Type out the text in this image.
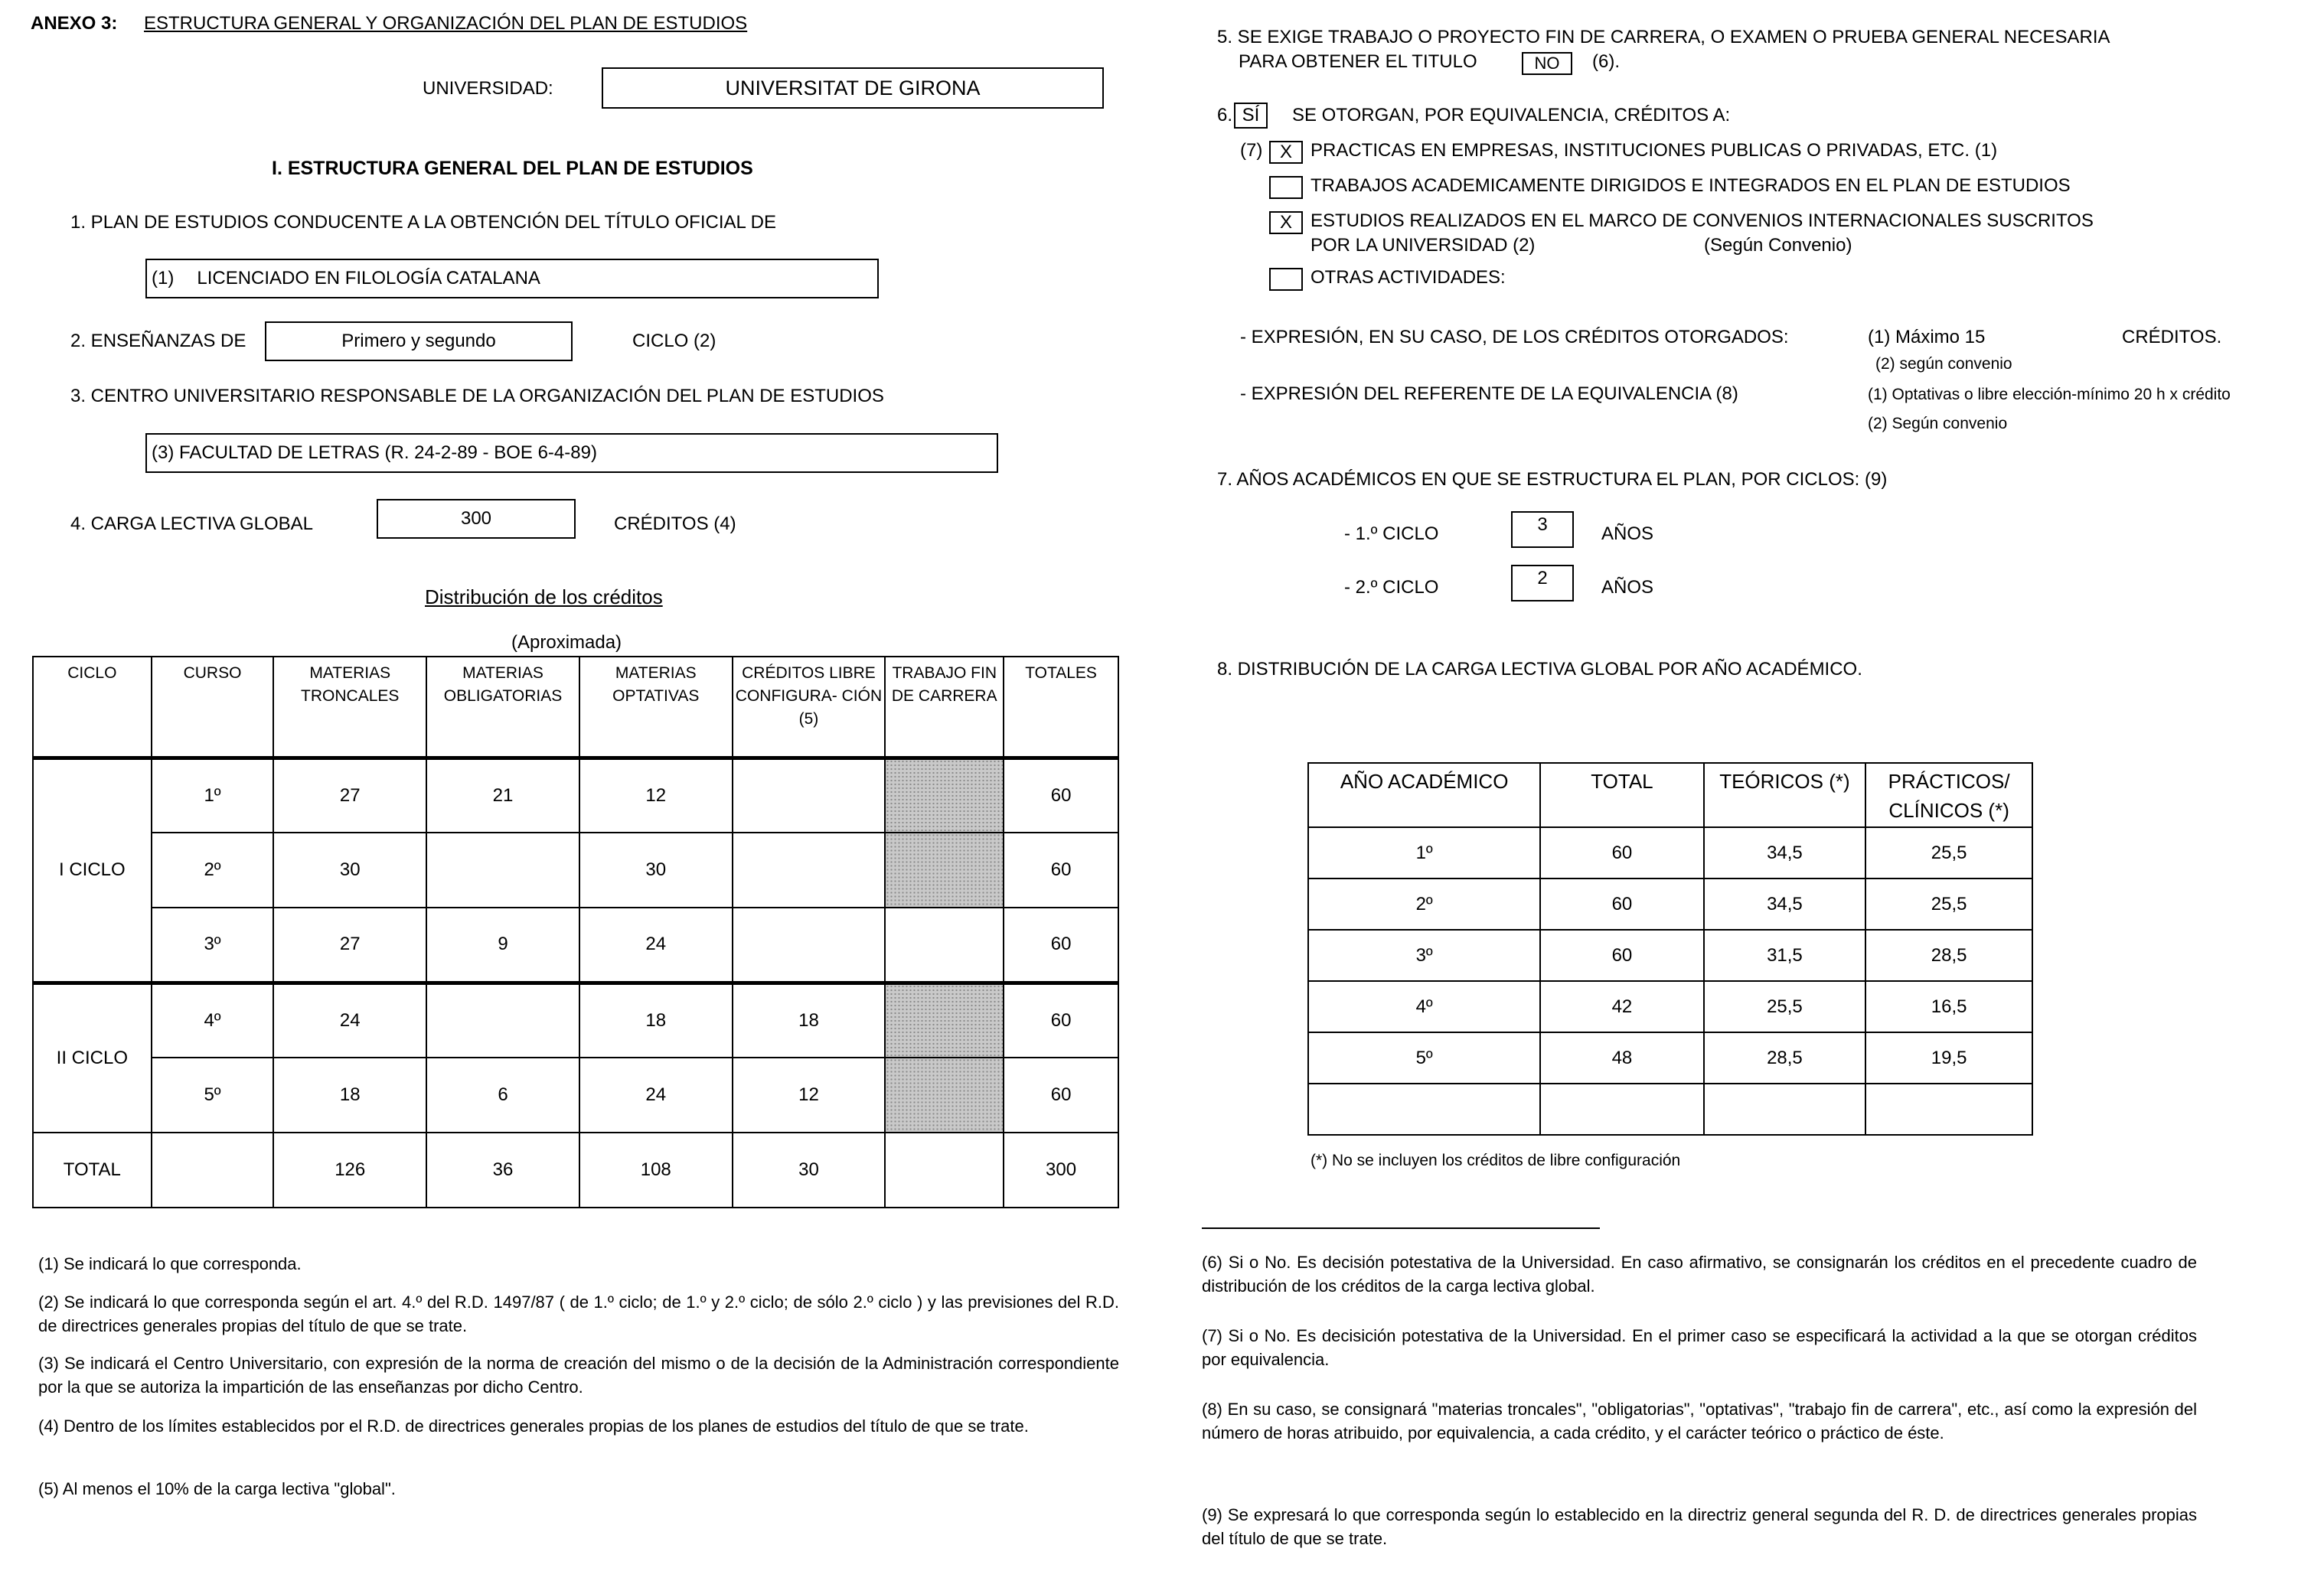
ANEXO 3: ESTRUCTURA GENERAL Y ORGANIZACIÓN DEL PLAN DE ESTUDIOS
UNIVERSIDAD:	UNIVERSITAT DE GIRONA
I. ESTRUCTURA GENERAL DEL PLAN DE ESTUDIOS
1. PLAN DE ESTUDIOS CONDUCENTE A LA OBTENCIÓN DEL TÍTULO OFICIAL DE
(1) LICENCIADO EN FILOLOGÍA CATALANA
2. ENSEÑANZAS DE	Primero y segundo	CICLO (2)
3. CENTRO UNIVERSITARIO RESPONSABLE DE LA ORGANIZACIÓN DEL PLAN DE ESTUDIOS
(3) FACULTAD DE LETRAS (R. 24-2-89 - BOE 6-4-89)
4. CARGA LECTIVA GLOBAL	300	CRÉDITOS (4)
Distribución de los créditos
(Aproximada)
CICLO	CURSO	MATERIAS TRONCALES	MATERIAS OBLIGATORIAS	MATERIAS OPTATIVAS	CRÉDITOS LIBRE CONFIGURA- CIÓN (5)	TRABAJO FIN DE CARRERA	TOTALES
I CICLO	1º	27	21	12			60
	2º	30		30			60
	3º	27	9	24			60
II CICLO	4º	24		18	18		60
	5º	18	6	24	12		60
TOTAL		126	36	108	30		300
(1) Se indicará lo que corresponda.
(2) Se indicará lo que corresponda según el art. 4.º del R.D. 1497/87 ( de 1.º ciclo; de 1.º y 2.º ciclo; de sólo 2.º ciclo ) y las previsiones del R.D. de directrices generales propias del título de que se trate.
(3) Se indicará el Centro Universitario, con expresión de la norma de creación del mismo o de la decisión de la Administración correspondiente por la que se autoriza la impartición de las enseñanzas por dicho Centro.
(4) Dentro de los límites establecidos por el R.D. de directrices generales propias de los planes de estudios del título de que se trate.
(5) Al menos el 10% de la carga lectiva "global".
5. SE EXIGE TRABAJO O PROYECTO FIN DE CARRERA, O EXAMEN O PRUEBA GENERAL NECESARIA
PARA OBTENER EL TITULO	NO	(6).
6. SÍ	SE OTORGAN, POR EQUIVALENCIA, CRÉDITOS A:
(7) X	PRACTICAS EN EMPRESAS, INSTITUCIONES PUBLICAS O PRIVADAS, ETC. (1)
TRABAJOS ACADEMICAMENTE DIRIGIDOS E INTEGRADOS EN EL PLAN DE ESTUDIOS
X	ESTUDIOS REALIZADOS EN EL MARCO DE CONVENIOS INTERNACIONALES SUSCRITOS
POR LA UNIVERSIDAD (2)	(Según Convenio)
OTRAS ACTIVIDADES:
- EXPRESIÓN, EN SU CASO, DE LOS CRÉDITOS OTORGADOS:	(1) Máximo 15	CRÉDITOS.
(2) según convenio
- EXPRESIÓN DEL REFERENTE DE LA EQUIVALENCIA (8)	(1) Optativas o libre elección-mínimo 20 h x crédito
(2) Según convenio
7. AÑOS ACADÉMICOS EN QUE SE ESTRUCTURA EL PLAN, POR CICLOS: (9)
- 1.º CICLO	3	AÑOS
- 2.º CICLO	2	AÑOS
8. DISTRIBUCIÓN DE LA CARGA LECTIVA GLOBAL POR AÑO ACADÉMICO.
AÑO ACADÉMICO	TOTAL	TEÓRICOS (*)	PRÁCTICOS/ CLÍNICOS (*)
1º	60	34,5	25,5
2º	60	34,5	25,5
3º	60	31,5	28,5
4º	42	25,5	16,5
5º	48	28,5	19,5

(*) No se incluyen los créditos de libre configuración
(6) Si o No. Es decisión potestativa de la Universidad. En caso afirmativo, se consignarán los créditos en el precedente cuadro de distribución de los créditos de la carga lectiva global.
(7) Si o No. Es decisición potestativa de la Universidad. En el primer caso se especificará la actividad a la que se otorgan créditos por equivalencia.
(8) En su caso, se consignará "materias troncales", "obligatorias", "optativas", "trabajo fin de carrera", etc., así como la expresión del número de horas atribuido, por equivalencia, a cada crédito, y el carácter teórico o práctico de éste.
(9) Se expresará lo que corresponda según lo establecido en la directriz general segunda del R. D. de directrices generales propias del título de que se trate.
